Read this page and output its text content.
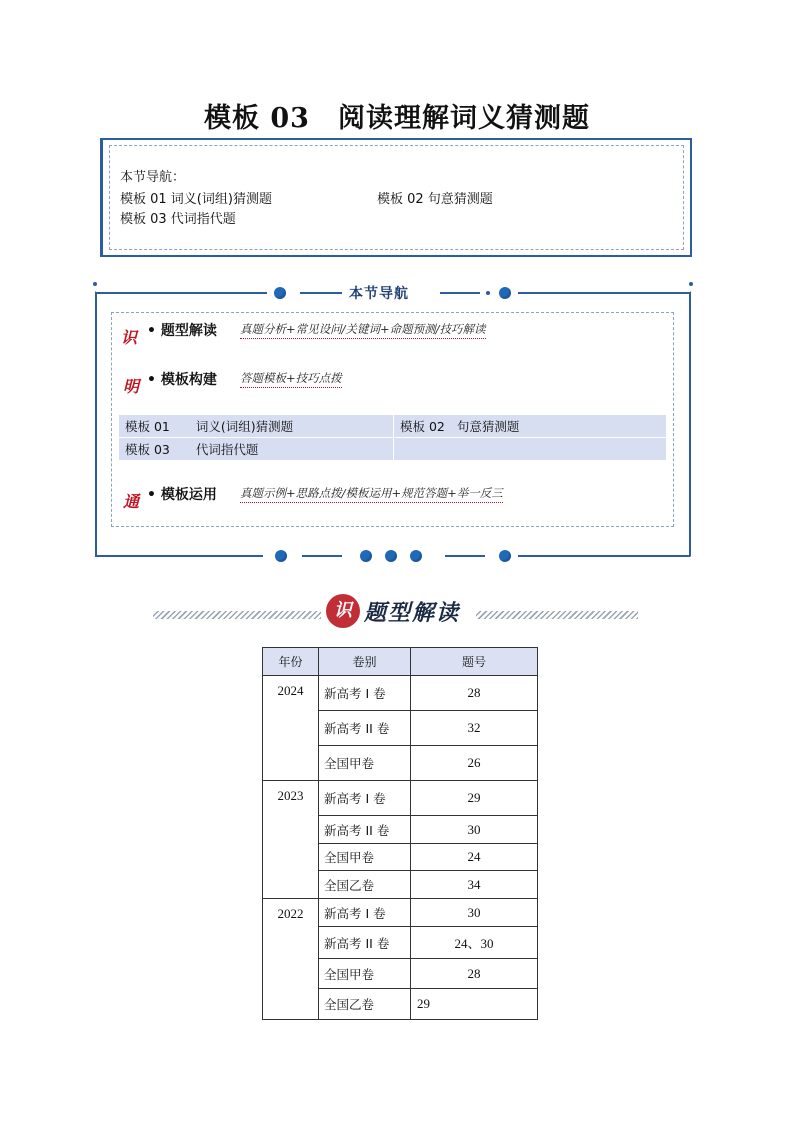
模板 03　阅读理解词义猜测题
本节导航：
模板 01 词义(词组)猜测题	模板 02 句意猜测题
模板 03 代词指代题
本节导航
识 • 题型解读 真题分析+常见设问/关键词+命题预测/技巧解读
明 • 模板构建 答题模板+技巧点拨
模板 01 词义(词组)猜测题	模板 02 句意猜测题
模板 03 代词指代题	
通 • 模板运用 真题示例+思路点拨/模板运用+规范答题+举一反三
识 题型解读
年份	卷别	题号
2024	新高考 I 卷	28
	新高考 II 卷	32
	全国甲卷	26
2023	新高考 I 卷	29
	新高考 II 卷	30
	全国甲卷	24
	全国乙卷	34
2022	新高考 I 卷	30
	新高考 II 卷	24、30
	全国甲卷	28
	全国乙卷	29
